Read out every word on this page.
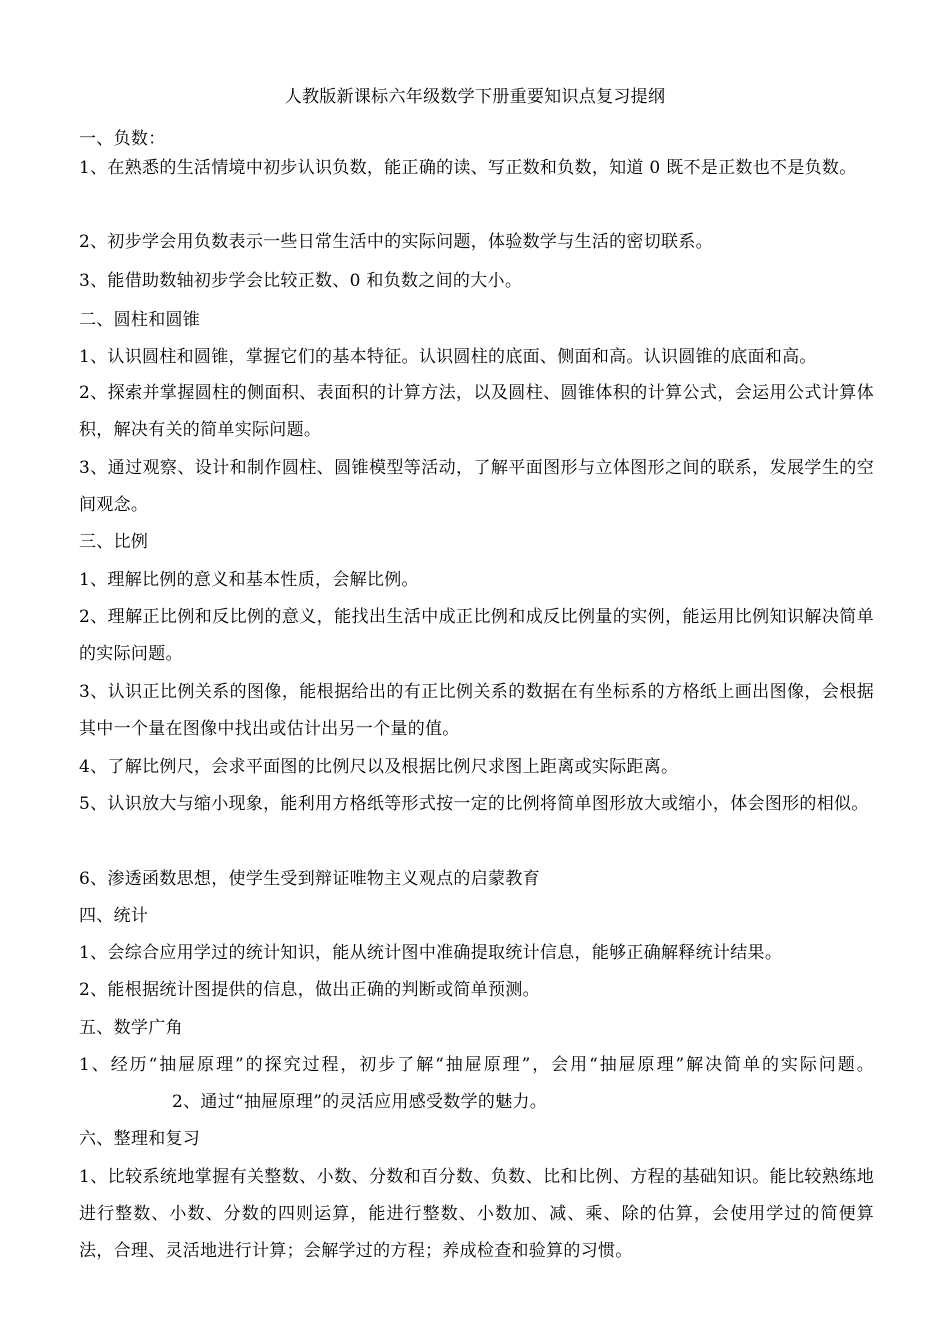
人教版新课标六年级数学下册重要知识点复习提纲
一、负数：
1、在熟悉的生活情境中初步认识负数，能正确的读、写正数和负数，知道 0 既不是正数也不是负数。
2、初步学会用负数表示一些日常生活中的实际问题，体验数学与生活的密切联系。
3、能借助数轴初步学会比较正数、0 和负数之间的大小。
二、圆柱和圆锥
1、认识圆柱和圆锥，掌握它们的基本特征。认识圆柱的底面、侧面和高。认识圆锥的底面和高。
2、探索并掌握圆柱的侧面积、表面积的计算方法，以及圆柱、圆锥体积的计算公式，会运用公式计算体积，解决有关的简单实际问题。
3、通过观察、设计和制作圆柱、圆锥模型等活动，了解平面图形与立体图形之间的联系，发展学生的空间观念。
三、比例
1、理解比例的意义和基本性质，会解比例。
2、理解正比例和反比例的意义，能找出生活中成正比例和成反比例量的实例，能运用比例知识解决简单的实际问题。
3、认识正比例关系的图像，能根据给出的有正比例关系的数据在有坐标系的方格纸上画出图像，会根据其中一个量在图像中找出或估计出另一个量的值。
4、了解比例尺，会求平面图的比例尺以及根据比例尺求图上距离或实际距离。
5、认识放大与缩小现象，能利用方格纸等形式按一定的比例将简单图形放大或缩小，体会图形的相似。
6、渗透函数思想，使学生受到辩证唯物主义观点的启蒙教育
四、统计
1、会综合应用学过的统计知识，能从统计图中准确提取统计信息，能够正确解释统计结果。
2、能根据统计图提供的信息，做出正确的判断或简单预测。
五、数学广角
1、经历“抽屉原理”的探究过程，初步了解“抽屉原理”，会用“抽屉原理”解决简单的实际问题。2、通过“抽屉原理”的灵活应用感受数学的魅力。
六、整理和复习
1、比较系统地掌握有关整数、小数、分数和百分数、负数、比和比例、方程的基础知识。能比较熟练地进行整数、小数、分数的四则运算，能进行整数、小数加、减、乘、除的估算，会使用学过的简便算法，合理、灵活地进行计算；会解学过的方程；养成检查和验算的习惯。
